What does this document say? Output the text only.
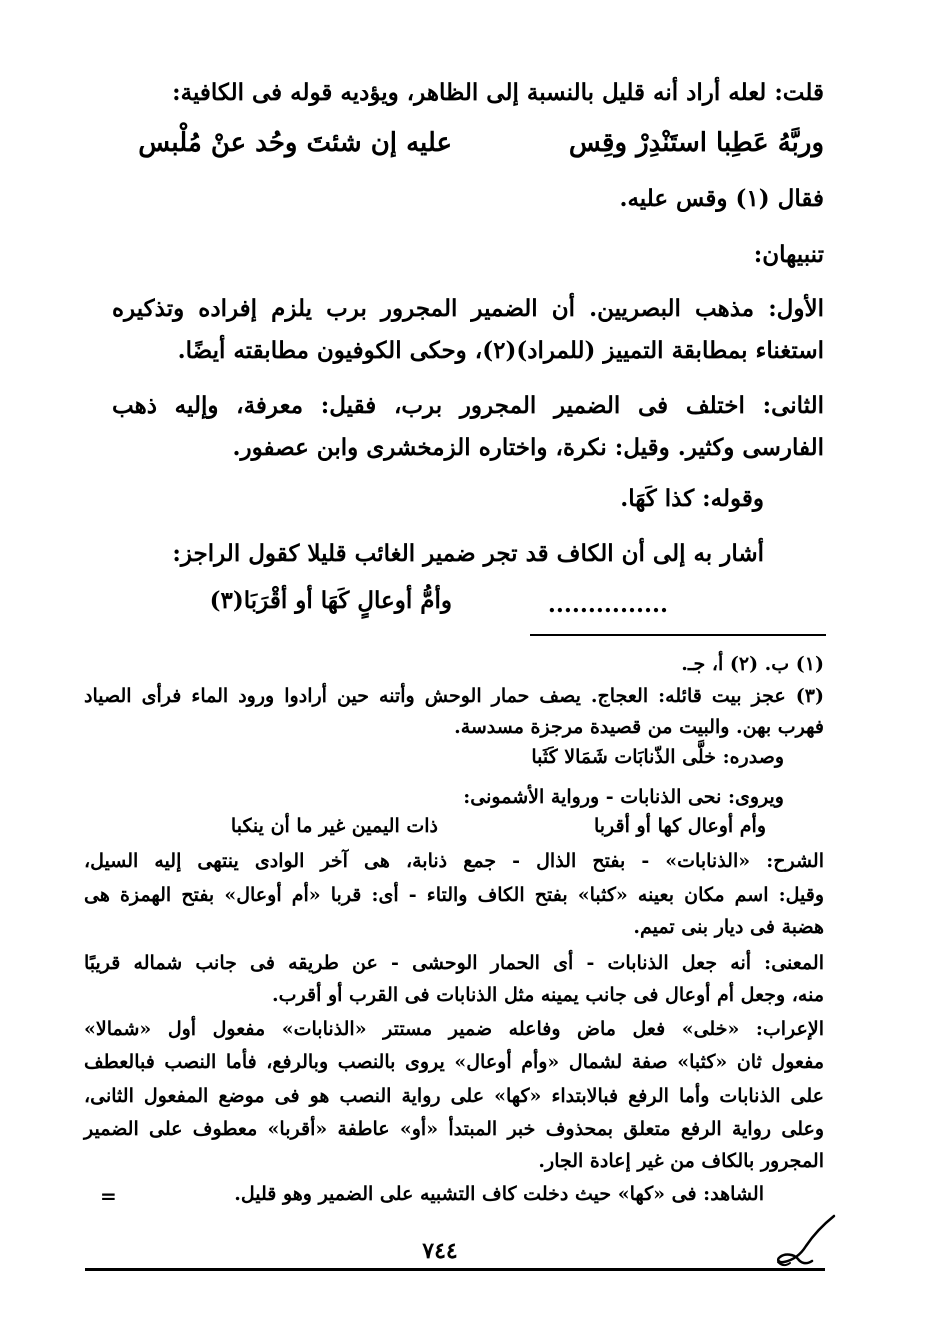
قلت: لعله أراد أنه قليل بالنسبة إلى الظاهر، ويؤديه قوله فى الكافية:
وربَّهُ عَطِبا استَنْدِرْ وقِس
عليه إن شئتَ وحُد عنْ مُلْبس
فقال (١) وقس عليه.
تنبيهان:
الأول: مذهب البصريين. أن الضمير المجرور برب يلزم إفراده وتذكيره
استغناء بمطابقة التمييز (للمراد)(٢)، وحكى الكوفيون مطابقته أيضًا.
الثانى: اختلف فى الضمير المجرور برب، فقيل: معرفة، وإليه ذهب
الفارسى وكثير. وقيل: نكرة، واختاره الزمخشرى وابن عصفور.
وقوله: كذا كَهَا.
أشار به إلى أن الكاف قد تجر ضمير الغائب قليلا كقول الراجز:
...............
وأمُّ أوعالٍ كَهَا أو أقْرَبَا(٣)
(١) ب. (٢) أ، جـ.
(٣) عجز بيت قائله: العجاج. يصف حمار الوحش وأتنه حين أرادوا ورود الماء فرأى الصياد
فهرب بهن. والبيت من قصيدة مرجزة مسدسة.
وصدره: خلَّى الذّنابَات شَمَالا كَثَبا
ويروى: نحى الذنابات - ورواية الأشمونى:
وأم أوعال كها أو أقربا
ذات اليمين غير ما أن ينكبا
الشرح: «الذنابات» - بفتح الذال - جمع ذنابة، هى آخر الوادى ينتهى إليه السيل،
وقيل: اسم مكان بعينه «كثبا» بفتح الكاف والتاء - أى: قربا «أم أوعال» بفتح الهمزة هى
هضبة فى ديار بنى تميم.
المعنى: أنه جعل الذنابات - أى الحمار الوحشى - عن طريقه فى جانب شماله قريبًا
منه، وجعل أم أوعال فى جانب يمينه مثل الذنابات فى القرب أو أقرب.
الإعراب: «خلى» فعل ماض وفاعله ضمير مستتر «الذنابات» مفعول أول «شمالا»
مفعول ثان «كثبا» صفة لشمال «وأم أوعال» يروى بالنصب وبالرفع، فأما النصب فبالعطف
على الذنابات وأما الرفع فبالابتداء «كها» على رواية النصب هو فى موضع المفعول الثانى،
وعلى رواية الرفع متعلق بمحذوف خبر المبتدأ «أو» عاطفة «أقربا» معطوف على الضمير
المجرور بالكاف من غير إعادة الجار.
الشاهد: فى «كها» حيث دخلت كاف التشبيه على الضمير وهو قليل.
=
٧٤٤
